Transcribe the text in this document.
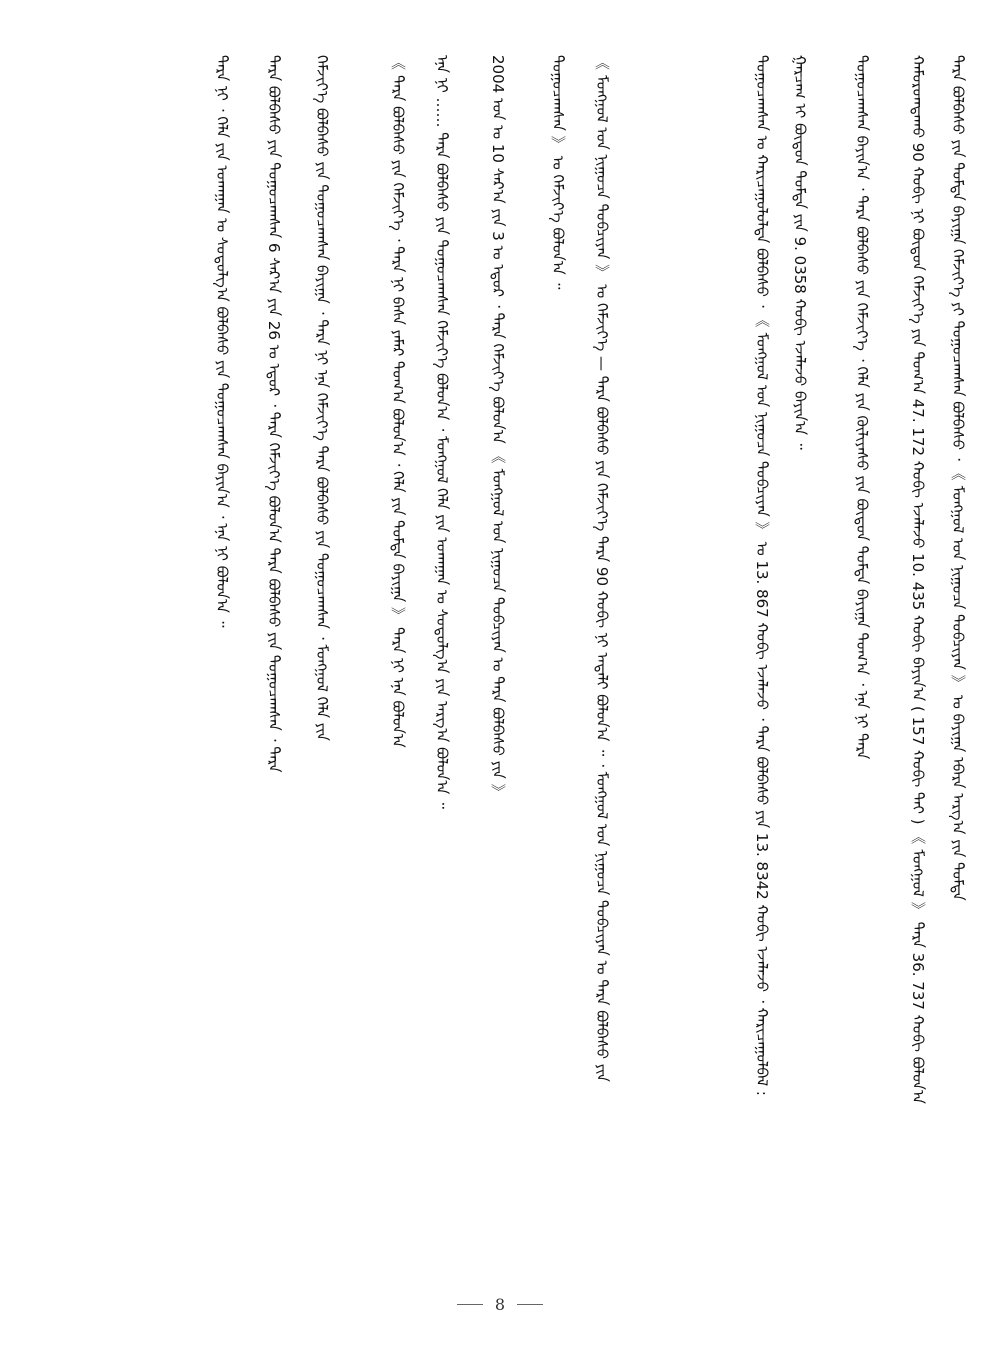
ᠲᠡᠷᠡ ᠪᠤᠯᠪᠠᠰᠤ ᠶᠢᠨ ᠳᠤᠮᠳᠠ ᠪᠠᠶᠢᠭᠠ ᠬᠡᠮᠵᠢᠶ᠎ᠡ ᠶᠢ ᠲᠣᠭᠣᠴᠠᠭᠰᠠᠨ ᠪᠣᠯᠪᠠᠰᠤ ᠂ 《 ᠮᠣᠩᠭᠣᠯ ᠤᠨ ᠨᠢᠭᠤᠴᠠ ᠲᠣᠪᠴᠢᠶᠠᠨ 》 ᠤ ᠪᠠᠶᠢᠭᠠ ᠡᠪᠡᠷᠡ ᠠᠷᠭ᠎ᠠ ᠶᠢᠨ ᠳᠤᠮᠳᠠ
ᠬᠠᠮᠤᠷᠤᠭᠳᠠᠬᠤ 90 ᠬᠤᠪᠢ ᠨᠢ ᠪᠦᠲᠦᠨ ᠬᠡᠮᠵᠢᠶ᠎ᠡ ᠶᠢᠨ ᠲᠣᠭ᠎ᠠ 47. 172 ᠬᠤᠪᠢ ᠡᠵᠡᠯᠡᠵᠦ 10. 435 ᠬᠤᠪᠢ ᠪᠠᠶᠢᠨ᠎ᠠ ( 157 ᠬᠤᠪᠢ ᠲᠠᠢ ) 《 ᠮᠣᠩᠭᠣᠯ 》 ᠲᠡᠷᠡ 36. 737 ᠬᠤᠪᠢ ᠪᠣᠯᠤᠨ᠎ᠠ
ᠲᠣᠭᠣᠴᠠᠭᠰᠠᠨ ᠪᠠᠶᠢᠨ᠎ᠠ ᠂ ᠲᠡᠷᠡ ᠪᠤᠯᠪᠠᠰᠤ ᠶᠢᠨ ᠬᠡᠮᠵᠢᠶ᠎ᠡ ᠂ ᠬᠡᠯᠡ ᠶᠢᠨ ᠬᠦᠯᠢᠶᠡᠰᠦ ᠶᠢᠨ ᠪᠦᠲᠦᠨ ᠳᠤᠮᠳᠠ ᠪᠠᠶᠢᠭᠠ ᠲᠣᠭ᠎ᠠ ᠂ ᠡᠨᠡ ᠨᠢ ᠲᠡᠷᠡ
ᠭᠠᠷᠴᠠᠭ ᠢ ᠪᠦᠲᠦᠨ ᠳᠤᠮᠳᠠ ᠶᠢᠨ 9. 0358 ᠬᠤᠪᠢ ᠡᠵᠡᠯᠡᠵᠦ ᠪᠠᠶᠢᠨ᠎ᠠ ᠃
ᠲᠣᠭᠣᠴᠠᠭᠰᠠᠨ ᠤ ᠬᠠᠷᠢᠴᠠᠭᠤᠯᠤᠯᠲᠠ ᠪᠣᠯᠪᠠᠰᠤ ᠂ 《 ᠮᠣᠩᠭᠣᠯ ᠤᠨ ᠨᠢᠭᠤᠴᠠ ᠲᠣᠪᠴᠢᠶᠠᠨ 》 ᠤ 13. 867 ᠬᠤᠪᠢ ᠡᠵᠡᠯᠡᠵᠦ ᠂ ᠲᠡᠷᠡ ᠪᠤᠯᠪᠠᠰᠤ ᠶᠢᠨ 13. 8342 ᠬᠤᠪᠢ ᠡᠵᠡᠯᠡᠵᠦ ᠂ ᠬᠠᠷᠢᠴᠠᠭᠤᠯᠪᠠᠯ :
《 ᠮᠣᠩᠭᠣᠯ ᠤᠨ ᠨᠢᠭᠤᠴᠠ ᠲᠣᠪᠴᠢᠶᠠᠨ 》 ᠤ ᠬᠡᠮᠵᠢᠶ᠎ᠡ — ᠲᠡᠷᠡ ᠪᠤᠯᠪᠠᠰᠤ ᠶᠢᠨ ᠬᠡᠮᠵᠢᠶ᠎ᠡ ᠲᠡᠷᠡ 90 ᠬᠤᠪᠢ ᠨᠢ ᠠᠳᠠᠯᠢ ᠪᠣᠯᠤᠨ᠎ᠠ ᠃ ᠂ ᠮᠣᠩᠭᠣᠯ ᠤᠨ ᠨᠢᠭᠤᠴᠠ ᠲᠣᠪᠴᠢᠶᠠᠨ ᠤ ᠲᠡᠷᠡ ᠪᠤᠯᠪᠠᠰᠤ ᠶᠢᠨ
ᠲᠣᠭᠣᠴᠠᠭᠰᠠᠨ 》 ᠤ ᠬᠡᠮᠵᠢᠶ᠎ᠡ ᠪᠣᠯᠤᠨ᠎ᠠ ᠃
2004 ᠣᠨ ᠤ 10 ᠰᠠᠷ᠎ᠠ ᠶᠢᠨ 3 ᠤ ᠡᠳᠦᠷ ᠂ ᠲᠡᠷᠡ ᠬᠡᠮᠵᠢᠶ᠎ᠡ ᠪᠣᠯᠤᠨ᠎ᠠ 《 ᠮᠣᠩᠭᠣᠯ ᠤᠨ ᠨᠢᠭᠤᠴᠠ ᠲᠣᠪᠴᠢᠶᠠᠨ ᠤ ᠲᠡᠷᠡ ᠪᠤᠯᠪᠠᠰᠤ ᠶᠢᠨ 》
ᠡᠨᠡ ᠨᠢ …… ᠲᠡᠷᠡ ᠪᠣᠯᠪᠠᠰᠤ ᠶᠢᠨ ᠲᠣᠭᠣᠴᠠᠭᠰᠠᠨ ᠬᠡᠮᠵᠢᠶ᠎ᠡ ᠪᠣᠯᠤᠨ᠎ᠠ ᠂ ᠮᠣᠩᠭᠣᠯ ᠬᠡᠯᠡ ᠶᠢᠨ ᠤᠬᠠᠭᠠᠨ ᠤ ᠰᠤᠳᠤᠯᠭ᠎ᠠ ᠶᠢᠨ ᠠᠷᠭ᠎ᠠ ᠪᠣᠯᠤᠨ᠎ᠠ ᠃
《 ᠲᠡᠷᠡ ᠪᠤᠯᠪᠠᠰᠤ ᠶᠢᠨ ᠬᠡᠮᠵᠢᠶ᠎ᠡ ᠂ ᠲᠡᠷᠡ ᠨᠢ ᠪᠠᠰᠠ ᠶᠠᠮᠠᠷ ᠲᠣᠭ᠎ᠠ ᠪᠣᠯᠤᠨ᠎ᠠ ᠂ ᠬᠡᠯᠡ ᠶᠢᠨ ᠳᠤᠮᠳᠠ ᠪᠠᠶᠢᠭᠠ 》 ᠲᠡᠷᠡ ᠨᠢ ᠡᠨᠡ ᠪᠣᠯᠤᠨ᠎ᠠ
ᠬᠡᠮᠵᠢᠶ᠎ᠡ ᠪᠣᠯᠪᠠᠰᠤ ᠶᠢᠨ ᠲᠣᠭᠣᠴᠠᠭᠰᠠᠨ ᠪᠠᠶᠢᠭᠠ ᠂ ᠲᠡᠷᠡ ᠨᠢ ᠡᠨᠡ ᠬᠡᠮᠵᠢᠶ᠎ᠡ ᠲᠡᠷᠡ ᠪᠣᠯᠪᠠᠰᠤ ᠶᠢᠨ ᠲᠣᠭᠣᠴᠠᠭᠰᠠᠨ ᠂ ᠮᠣᠩᠭᠣᠯ ᠬᠡᠯᠡ ᠶᠢᠨ
ᠲᠡᠷᠡ ᠪᠤᠯᠪᠠᠰᠤ ᠶᠢᠨ ᠲᠣᠭᠣᠴᠠᠭᠰᠠᠨ 6 ᠰᠠᠷ᠎ᠠ ᠶᠢᠨ 26 ᠤ ᠡᠳᠦᠷ ᠂ ᠲᠡᠷᠡ ᠬᠡᠮᠵᠢᠶ᠎ᠡ ᠪᠣᠯᠤᠨ᠎ᠠ ᠲᠡᠷᠡ ᠪᠤᠯᠪᠠᠰᠤ ᠶᠢᠨ ᠲᠣᠭᠣᠴᠠᠭᠰᠠᠨ ᠂ ᠲᠡᠷᠡ
ᠲᠡᠷᠡ ᠨᠢ ᠂ ᠬᠡᠯᠡ ᠶᠢᠨ ᠤᠬᠠᠭᠠᠨ ᠤ ᠰᠤᠳᠤᠯᠭ᠎ᠠ ᠪᠣᠯᠪᠠᠰᠤ ᠶᠢᠨ ᠲᠣᠭᠣᠴᠠᠭᠰᠠᠨ ᠪᠠᠶᠢᠨ᠎ᠠ ᠂ ᠡᠨᠡ ᠨᠢ ᠪᠣᠯᠤᠨ᠎ᠠ ᠃
8
